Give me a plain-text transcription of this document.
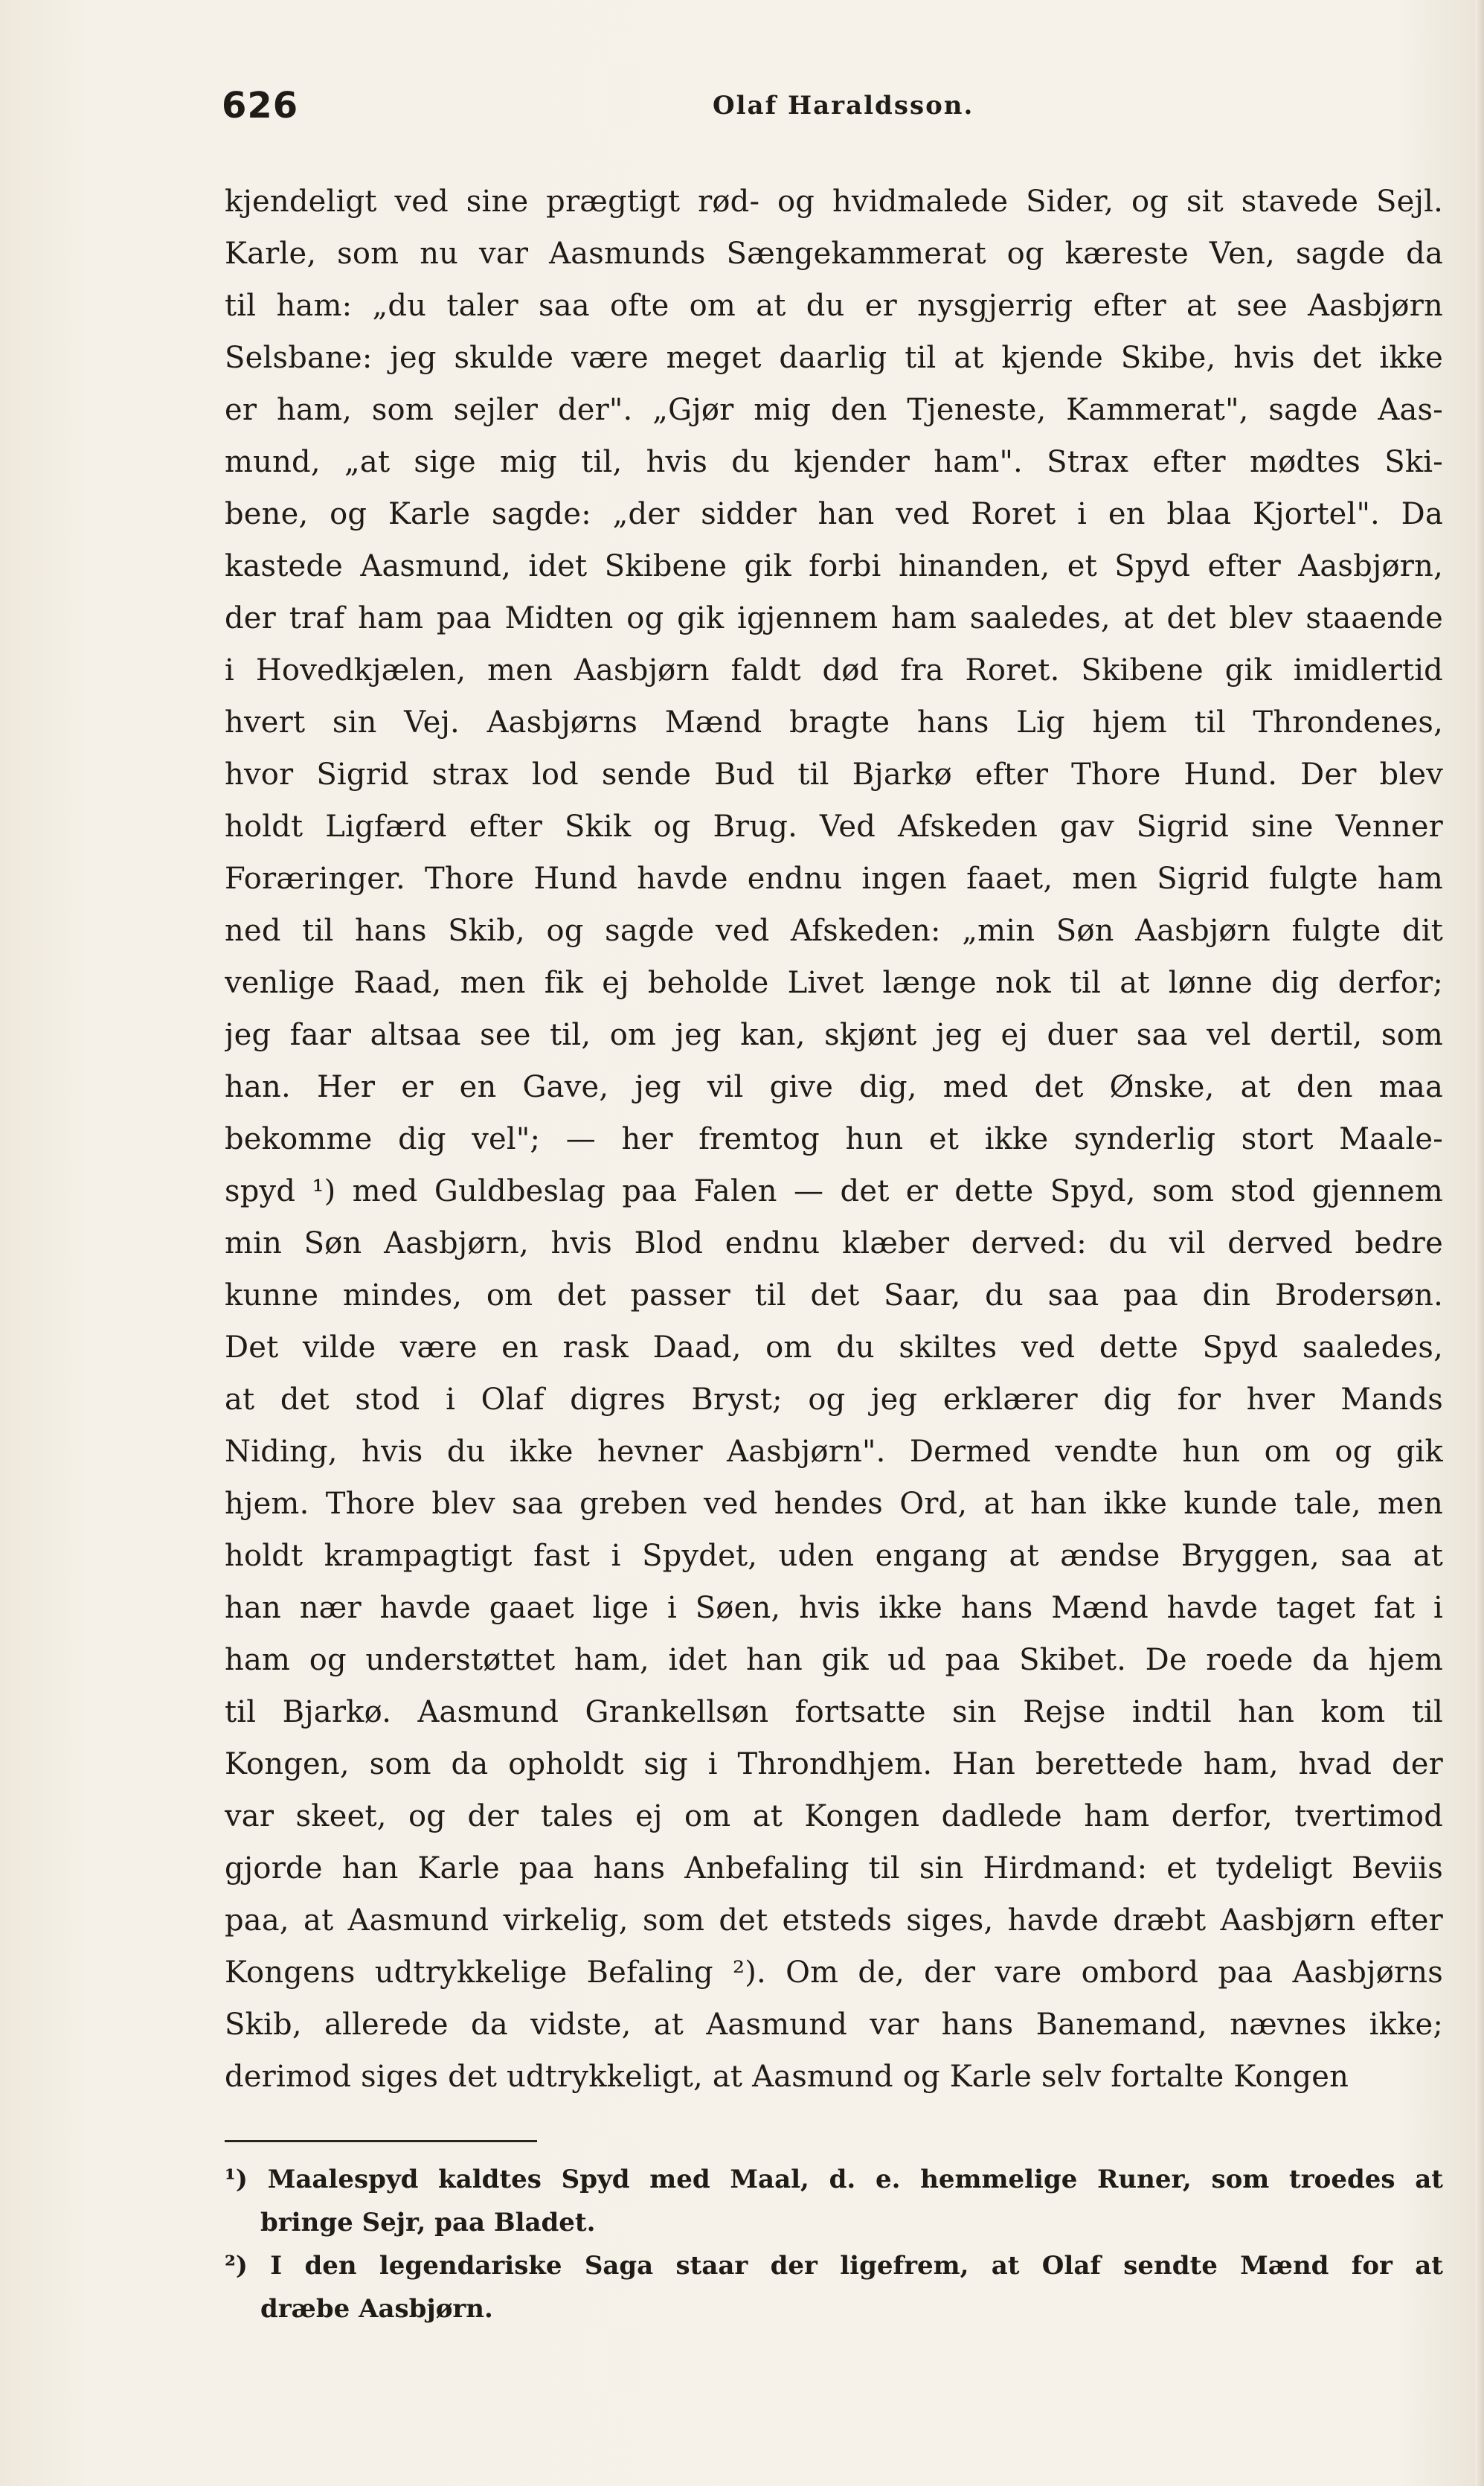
626	Olaf Haraldsson.
kjendeligt ved sine prægtigt rød- og hvidmalede Sider, og sit stavede Sejl.
Karle, som nu var Aasmunds Sængekammerat og kæreste Ven, sagde da
til ham: „du taler saa ofte om at du er nysgjerrig efter at see Aasbjørn
Selsbane: jeg skulde være meget daarlig til at kjende Skibe, hvis det ikke
er ham, som sejler der". „Gjør mig den Tjeneste, Kammerat", sagde Aas-
mund, „at sige mig til, hvis du kjender ham". Strax efter mødtes Ski-
bene, og Karle sagde: „der sidder han ved Roret i en blaa Kjortel". Da
kastede Aasmund, idet Skibene gik forbi hinanden, et Spyd efter Aasbjørn,
der traf ham paa Midten og gik igjennem ham saaledes, at det blev staaende
i Hovedkjælen, men Aasbjørn faldt død fra Roret. Skibene gik imidlertid
hvert sin Vej. Aasbjørns Mænd bragte hans Lig hjem til Throndenes,
hvor Sigrid strax lod sende Bud til Bjarkø efter Thore Hund. Der blev
holdt Ligfærd efter Skik og Brug. Ved Afskeden gav Sigrid sine Venner
Foræringer. Thore Hund havde endnu ingen faaet, men Sigrid fulgte ham
ned til hans Skib, og sagde ved Afskeden: „min Søn Aasbjørn fulgte dit
venlige Raad, men fik ej beholde Livet længe nok til at lønne dig derfor;
jeg faar altsaa see til, om jeg kan, skjønt jeg ej duer saa vel dertil, som
han. Her er en Gave, jeg vil give dig, med det Ønske, at den maa
bekomme dig vel"; — her fremtog hun et ikke synderlig stort Maale-
spyd ¹) med Guldbeslag paa Falen — det er dette Spyd, som stod gjennem
min Søn Aasbjørn, hvis Blod endnu klæber derved: du vil derved bedre
kunne mindes, om det passer til det Saar, du saa paa din Brodersøn.
Det vilde være en rask Daad, om du skiltes ved dette Spyd saaledes,
at det stod i Olaf digres Bryst; og jeg erklærer dig for hver Mands
Niding, hvis du ikke hevner Aasbjørn". Dermed vendte hun om og gik
hjem. Thore blev saa greben ved hendes Ord, at han ikke kunde tale, men
holdt krampagtigt fast i Spydet, uden engang at ændse Bryggen, saa at
han nær havde gaaet lige i Søen, hvis ikke hans Mænd havde taget fat i
ham og understøttet ham, idet han gik ud paa Skibet. De roede da hjem
til Bjarkø. Aasmund Grankellsøn fortsatte sin Rejse indtil han kom til
Kongen, som da opholdt sig i Throndhjem. Han berettede ham, hvad der
var skeet, og der tales ej om at Kongen dadlede ham derfor, tvertimod
gjorde han Karle paa hans Anbefaling til sin Hirdmand: et tydeligt Beviis
paa, at Aasmund virkelig, som det etsteds siges, havde dræbt Aasbjørn efter
Kongens udtrykkelige Befaling ²). Om de, der vare ombord paa Aasbjørns
Skib, allerede da vidste, at Aasmund var hans Banemand, nævnes ikke;
derimod siges det udtrykkeligt, at Aasmund og Karle selv fortalte Kongen
¹) Maalespyd kaldtes Spyd med Maal, d. e. hemmelige Runer, som troedes at
bringe Sejr, paa Bladet.
²) I den legendariske Saga staar der ligefrem, at Olaf sendte Mænd for at
dræbe Aasbjørn.
